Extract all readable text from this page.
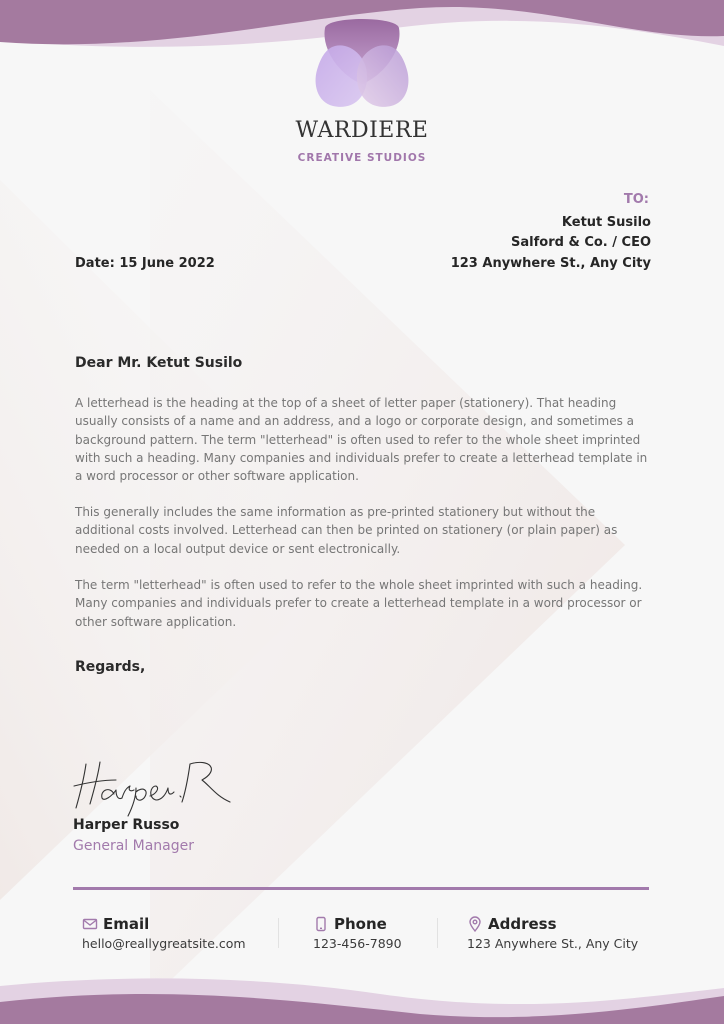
WARDIERE
CREATIVE STUDIOS
TO:
Ketut Susilo
Salford & Co. / CEO
123 Anywhere St., Any City
Date: 15 June 2022
Dear Mr. Ketut Susilo

A letterhead is the heading at the top of a sheet of letter paper (stationery). That heading usually consists of a name and an address, and a logo or corporate design, and sometimes a background pattern. The term "letterhead" is often used to refer to the whole sheet imprinted with such a heading. Many companies and individuals prefer to create a letterhead template in a word processor or other software application.

This generally includes the same information as pre-printed stationery but without the additional costs involved. Letterhead can then be printed on stationery (or plain paper) as needed on a local output device or sent electronically.

The term "letterhead" is often used to refer to the whole sheet imprinted with such a heading. Many companies and individuals prefer to create a letterhead template in a word processor or other software application.

Regards,
Harper Russo
General Manager
Email
hello@reallygreatsite.com
Phone
123-456-7890
Address
123 Anywhere St., Any City
